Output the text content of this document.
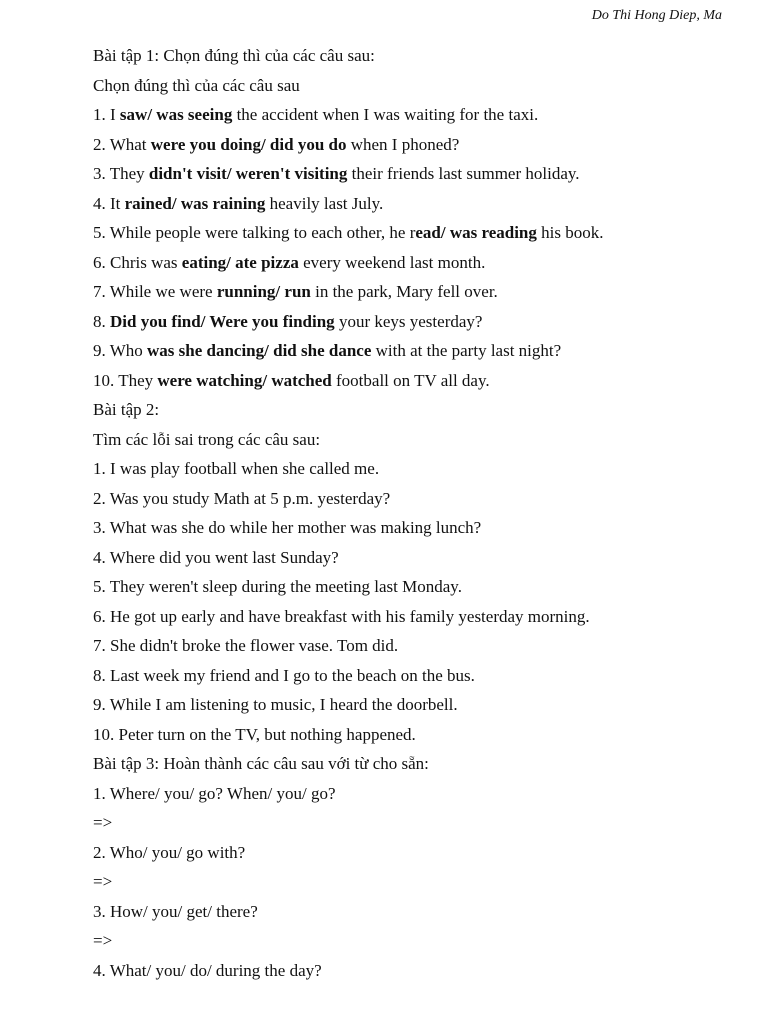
Do Thi Hong Diep, Ma
Bài tập 1: Chọn đúng thì của các câu sau:
Chọn đúng thì của các câu sau
1. I saw/ was seeing the accident when I was waiting for the taxi.
2. What were you doing/ did you do when I phoned?
3. They didn't visit/ weren't visiting their friends last summer holiday.
4. It rained/ was raining heavily last July.
5. While people were talking to each other, he read/ was reading his book.
6. Chris was eating/ ate pizza every weekend last month.
7. While we were running/ run in the park, Mary fell over.
8. Did you find/ Were you finding your keys yesterday?
9. Who was she dancing/ did she dance with at the party last night?
10. They were watching/ watched football on TV all day.
Bài tập 2:
Tìm các lỗi sai trong các câu sau:
1. I was play football when she called me.
2. Was you study Math at 5 p.m. yesterday?
3. What was she do while her mother was making lunch?
4. Where did you went last Sunday?
5. They weren't sleep during the meeting last Monday.
6. He got up early and have breakfast with his family yesterday morning.
7. She didn't broke the flower vase. Tom did.
8. Last week my friend and I go to the beach on the bus.
9. While I am listening to music, I heard the doorbell.
10. Peter turn on the TV, but nothing happened.
Bài tập 3: Hoàn thành các câu sau với từ cho sẵn:
1. Where/ you/ go? When/ you/ go?
=>
2. Who/ you/ go with?
=>
3. How/ you/ get/ there?
=>
4. What/ you/ do/ during the day?
